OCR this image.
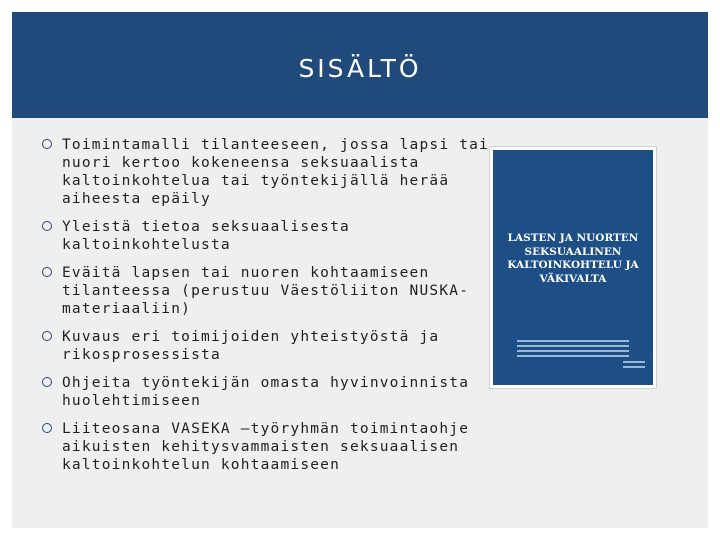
SISÄLTÖ
Toimintamalli tilanteeseen, jossa lapsi tai nuori kertoo kokeneensa seksuaalista kaltoinkohtelua tai työntekijällä herää aiheesta epäily
Yleistä tietoa seksuaalisesta kaltoinkohtelusta
Eväitä lapsen tai nuoren kohtaamiseen tilanteessa (perustuu Väestöliiton NUSKA-materiaaliin)
Kuvaus eri toimijoiden yhteistyöstä ja rikosprosessista
Ohjeita työntekijän omasta hyvinvoinnista huolehtimiseen
Liiteosana VASEKA –työryhmän toimintaohje aikuisten kehitysvammaisten seksuaalisen kaltoinkohtelun kohtaamiseen
LASTEN JA NUORTEN SEKSUAALINEN KALTOINKOHTELU JA VÄKIVALTA
